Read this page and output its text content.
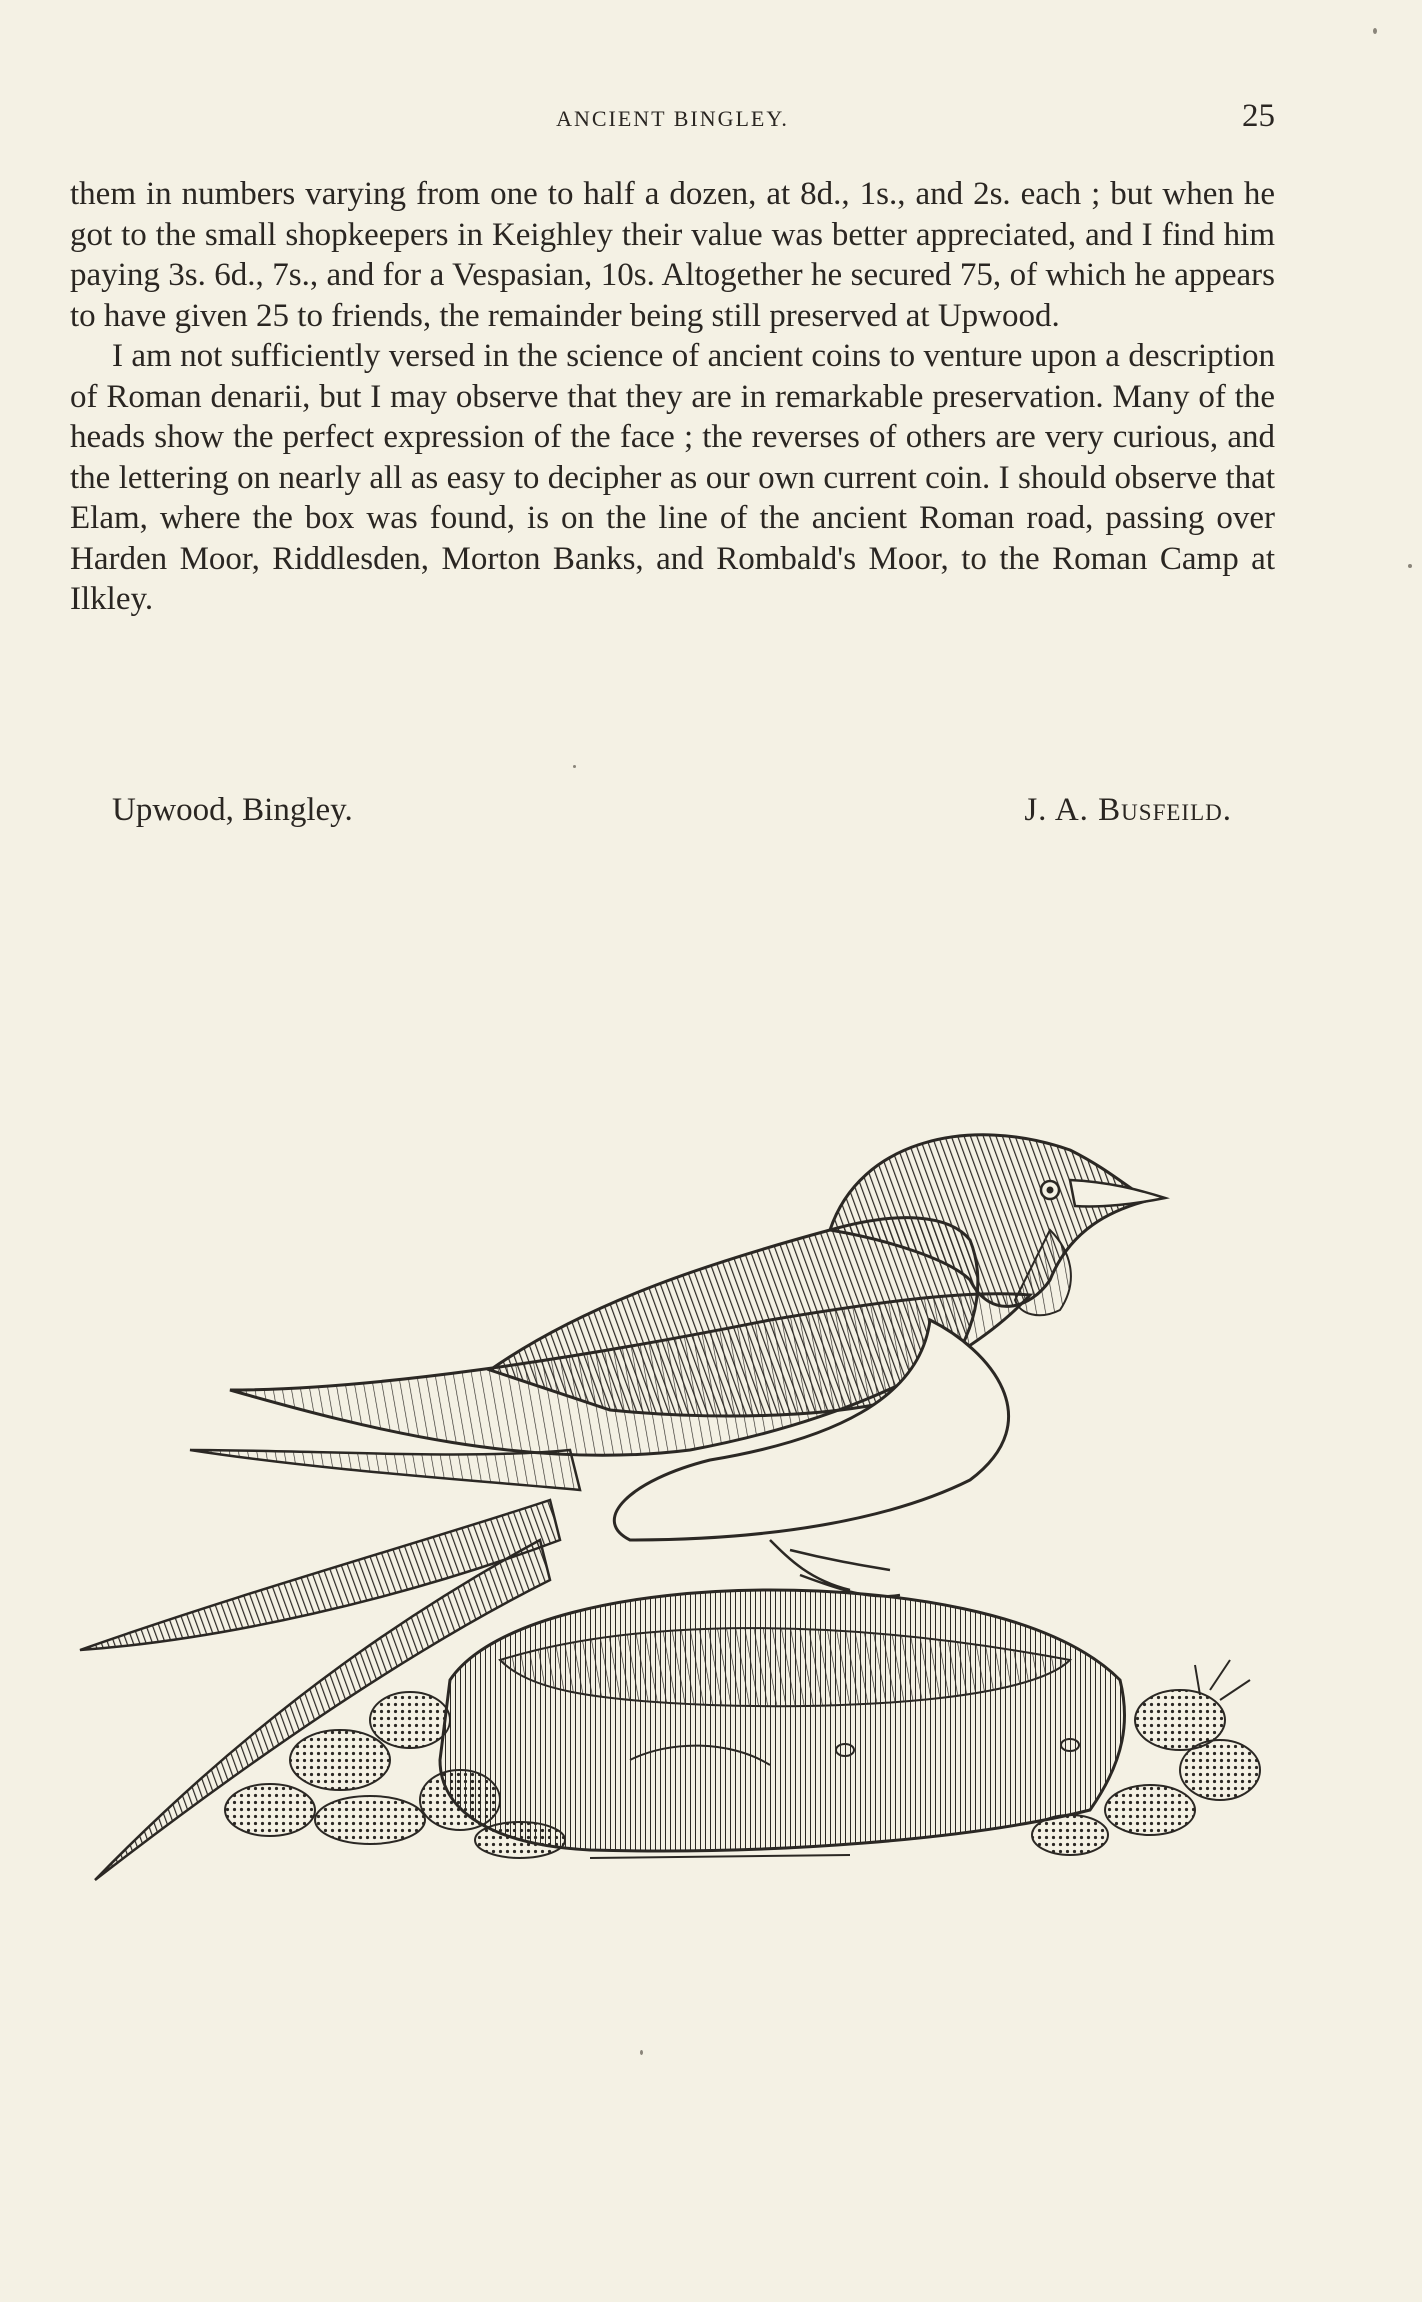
ANCIENT BINGLEY.	25

them in numbers varying from one to half a dozen, at 8d., 1s., and 2s. each ; but when he got to the small shopkeepers in Keighley their value was better appreciated, and I find him paying 3s. 6d., 7s., and for a Vespasian, 10s. Altogether he secured 75, of which he appears to have given 25 to friends, the remainder being still preserved at Upwood.

I am not sufficiently versed in the science of ancient coins to venture upon a description of Roman denarii, but I may observe that they are in remarkable preservation. Many of the heads show the perfect expression of the face ; the reverses of others are very curious, and the lettering on nearly all as easy to decipher as our own current coin. I should observe that Elam, where the box was found, is on the line of the ancient Roman road, passing over Harden Moor, Riddlesden, Morton Banks, and Rombald's Moor, to the Roman Camp at Ilkley.

Upwood, Bingley.	J. A. Busfeild.
